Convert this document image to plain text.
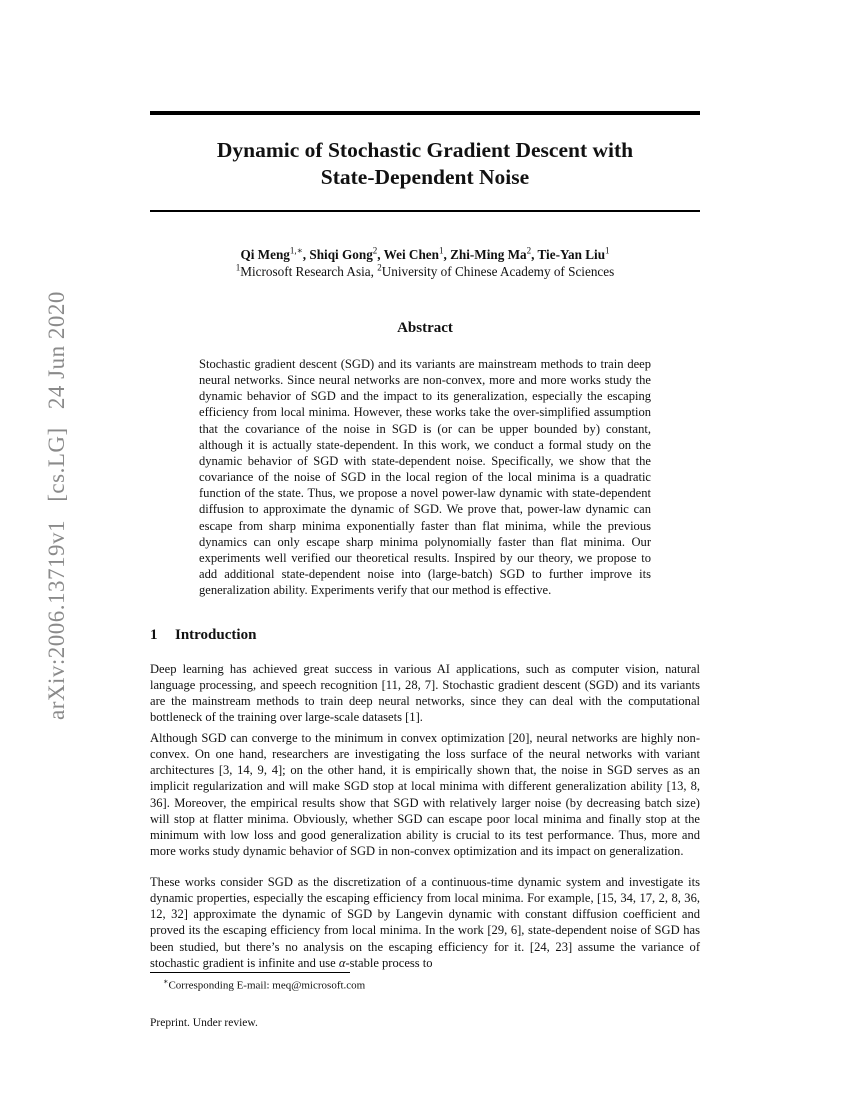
arXiv:2006.13719v1 [cs.LG] 24 Jun 2020
Dynamic of Stochastic Gradient Descent with
State-Dependent Noise
Qi Meng$^{1,∗}$, Shiqi Gong$^2$, Wei Chen$^1$, Zhi-Ming Ma$^2$, Tie-Yan Liu$^1$
$^1$Microsoft Research Asia, $^2$University of Chinese Academy of Sciences
Abstract

Stochastic gradient descent (SGD) and its variants are mainstream methods to train deep neural networks. Since neural networks are non-convex, more and more works study the dynamic behavior of SGD and the impact to its generalization, especially the escaping efficiency from local minima. However, these works take the over-simplified assumption that the covariance of the noise in SGD is (or can be upper bounded by) constant, although it is actually state-dependent. In this work, we conduct a formal study on the dynamic behavior of SGD with state-dependent noise. Specifically, we show that the covariance of the noise of SGD in the local region of the local minima is a quadratic function of the state. Thus, we propose a novel power-law dynamic with state-dependent diffusion to approximate the dynamic of SGD. We prove that, power-law dynamic can escape from sharp minima exponentially faster than flat minima, while the previous dynamics can only escape sharp minima polynomially faster than flat minima. Our experiments well verified our theoretical results. Inspired by our theory, we propose to add additional state-dependent noise into (large-batch) SGD to further improve its generalization ability. Experiments verify that our method is effective.

1 Introduction

Deep learning has achieved great success in various AI applications, such as computer vision, natural language processing, and speech recognition [11, 28, 7]. Stochastic gradient descent (SGD) and its variants are the mainstream methods to train deep neural networks, since they can deal with the computational bottleneck of the training over large-scale datasets [1].

Although SGD can converge to the minimum in convex optimization [20], neural networks are highly non-convex. On one hand, researchers are investigating the loss surface of the neural networks with variant architectures [3, 14, 9, 4]; on the other hand, it is empirically shown that, the noise in SGD serves as an implicit regularization and will make SGD stop at local minima with different generalization ability [13, 8, 36]. Moreover, the empirical results show that SGD with relatively larger noise (by decreasing batch size) will stop at flatter minima. Obviously, whether SGD can escape poor local minima and finally stop at the minimum with low loss and good generalization ability is crucial to its test performance. Thus, more and more works study dynamic behavior of SGD in non-convex optimization and its impact on generalization.

These works consider SGD as the discretization of a continuous-time dynamic system and investigate its dynamic properties, especially the escaping efficiency from local minima. For example, [15, 34, 17, 2, 8, 36, 12, 32] approximate the dynamic of SGD by Langevin dynamic with constant diffusion coefficient and proved its the escaping efficiency from local minima. In the work [29, 6], state-dependent noise of SGD has been studied, but there’s no analysis on the escaping efficiency for it. [24, 23] assume the variance of stochastic gradient is infinite and use α-stable process to

∗Corresponding E-mail: meq@microsoft.com
Preprint. Under review.
